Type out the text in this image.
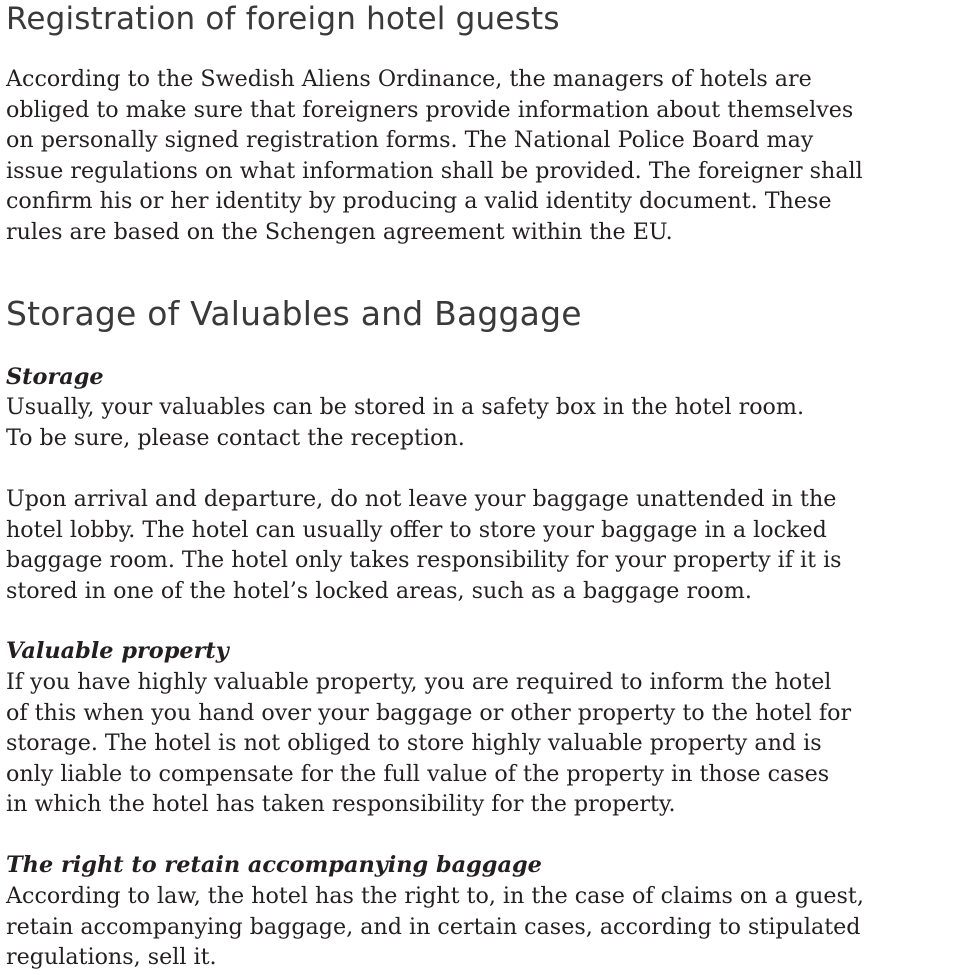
Registration of foreign hotel guests

According to the Swedish Aliens Ordinance, the managers of hotels are
obliged to make sure that foreigners provide information about themselves
on personally signed registration forms. The National Police Board may
issue regulations on what information shall be provided. The foreigner shall
confirm his or her identity by producing a valid identity document. These
rules are based on the Schengen agreement within the EU.

Storage of Valuables and Baggage

Storage

Usually, your valuables can be stored in a safety box in the hotel room.
To be sure, please contact the reception.

Upon arrival and departure, do not leave your baggage unattended in the
hotel lobby. The hotel can usually offer to store your baggage in a locked
baggage room. The hotel only takes responsibility for your property if it is
stored in one of the hotel’s locked areas, such as a baggage room.

Valuable property

If you have highly valuable property, you are required to inform the hotel
of this when you hand over your baggage or other property to the hotel for
storage. The hotel is not obliged to store highly valuable property and is
only liable to compensate for the full value of the property in those cases
in which the hotel has taken responsibility for the property.

The right to retain accompanying baggage

According to law, the hotel has the right to, in the case of claims on a guest,
retain accompanying baggage, and in certain cases, according to stipulated
regulations, sell it.
